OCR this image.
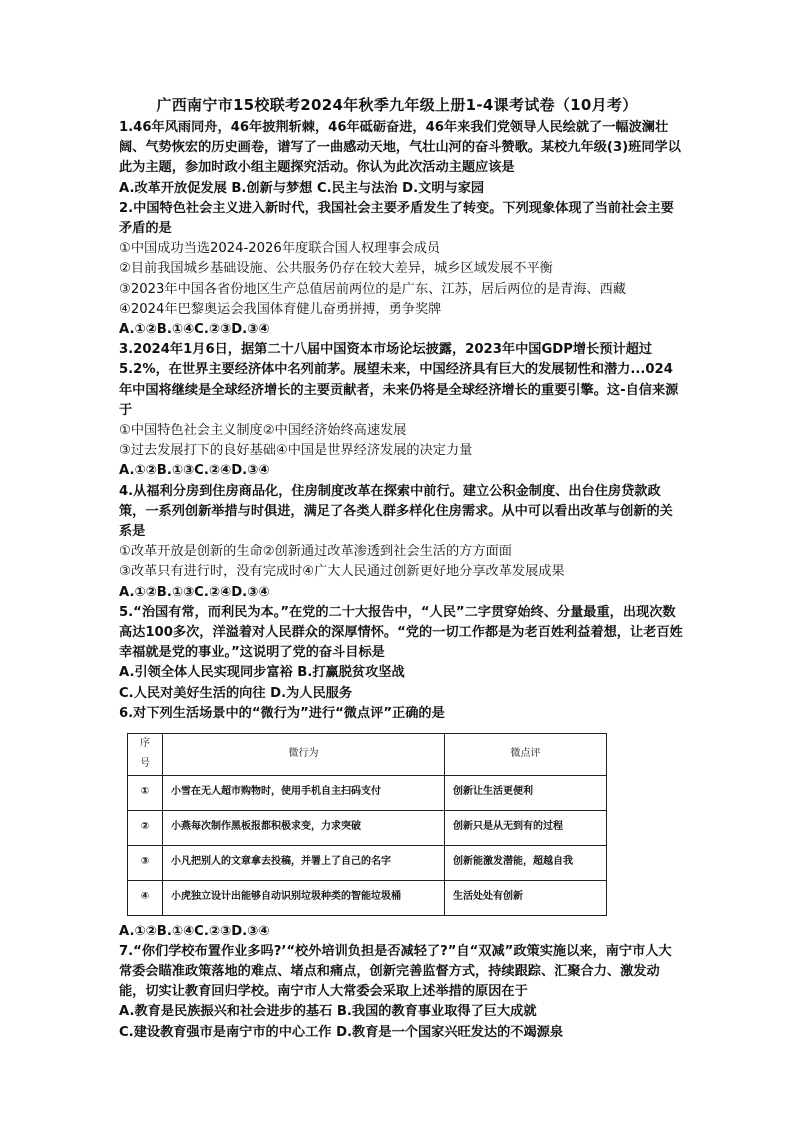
广西南宁市15校联考2024年秋季九年级上册1-4课考试卷（10月考）

1.46年风雨同舟，46年披荆斩棘，46年砥砺奋进，46年来我们党领导人民绘就了一幅波澜壮阔、气势恢宏的历史画卷，谱写了一曲感动天地，气壮山河的奋斗赞歌。某校九年级(3)班同学以此为主题，参加时政小组主题探究活动。你认为此次活动主题应该是

A.改革开放促发展 B.创新与梦想 C.民主与法治 D.文明与家园

2.中国特色社会主义进入新时代，我国社会主要矛盾发生了转变。下列现象体现了当前社会主要矛盾的是

①中国成功当选2024-2026年度联合国人权理事会成员

②目前我国城乡基础设施、公共服务仍存在较大差异，城乡区域发展不平衡

③2023年中国各省份地区生产总值居前两位的是广东、江苏，居后两位的是青海、西藏

④2024年巴黎奥运会我国体育健儿奋勇拼搏，勇争奖牌

A.①②B.①④C.②③D.③④

3.2024年1月6日，据第二十八届中国资本市场论坛披露，2023年中国GDP增长预计超过5.2%，在世界主要经济体中名列前茅。展望未来，中国经济具有巨大的发展韧性和潜力...024年中国将继续是全球经济增长的主要贡献者，未来仍将是全球经济增长的重要引擎。这-自信来源于

①中国特色社会主义制度②中国经济始终高速发展

③过去发展打下的良好基础④中国是世界经济发展的决定力量

A.①②B.①③C.②④D.③④

4.从福利分房到住房商品化，住房制度改革在探索中前行。建立公积金制度、出台住房贷款政策，一系列创新举措与时俱进，满足了各类人群多样化住房需求。从中可以看出改革与创新的关系是

①改革开放是创新的生命②创新通过改革渗透到社会生活的方方面面

③改革只有进行时，没有完成时④广大人民通过创新更好地分享改革发展成果

A.①②B.①③C.②④D.③④

5.“治国有常，而利民为本。”在党的二十大报告中，“人民”二字贯穿始终、分量最重，出现次数高达100多次，洋溢着对人民群众的深厚情怀。“党的一切工作都是为老百姓利益着想，让老百姓幸福就是党的事业。”这说明了党的奋斗目标是

A.引领全体人民实现同步富裕 B.打赢脱贫攻坚战

C.人民对美好生活的向往 D.为人民服务

6.对下列生活场景中的“微行为”进行“微点评”正确的是

序号	微行为	微点评
①	小雪在无人超市购物时，使用手机自主扫码支付	创新让生活更便利
②	小燕每次制作黑板报都积极求变，力求突破	创新只是从无到有的过程
③	小凡把别人的文章拿去投稿，并署上了自己的名字	创新能激发潜能，超越自我
④	小虎独立设计出能够自动识别垃圾种类的智能垃圾桶	生活处处有创新

A.①②B.①④C.②③D.③④

7.“你们学校布置作业多吗?’“校外培训负担是否减轻了?”自“双减”政策实施以来，南宁市人大常委会瞄准政策落地的难点、堵点和痛点，创新完善监督方式，持续跟踪、汇聚合力、激发动能，切实让教育回归学校。南宁市人大常委会采取上述举措的原因在于

A.教育是民族振兴和社会进步的基石 B.我国的教育事业取得了巨大成就

C.建设教育强市是南宁市的中心工作 D.教育是一个国家兴旺发达的不竭源泉
